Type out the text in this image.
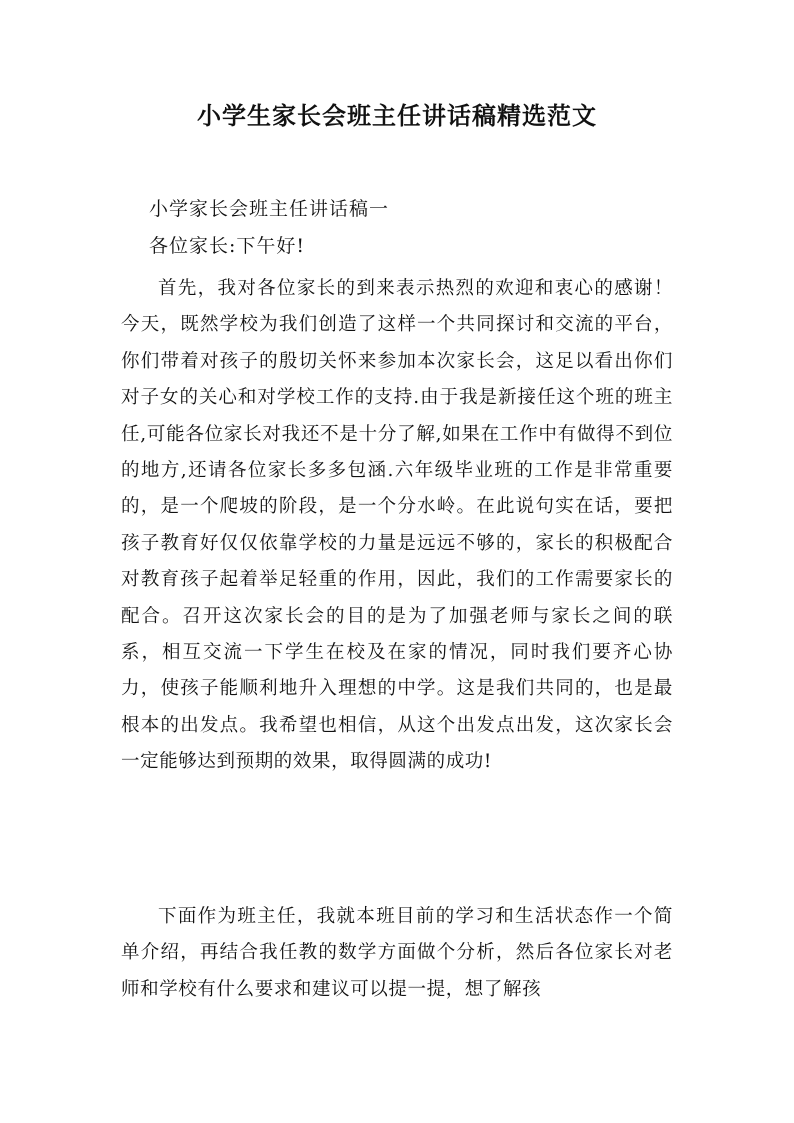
小学生家长会班主任讲话稿精选范文
小学家长会班主任讲话稿一
各位家长:下午好!

首先，我对各位家长的到来表示热烈的欢迎和衷心的感谢！今天，既然学校为我们创造了这样一个共同探讨和交流的平台，你们带着对孩子的殷切关怀来参加本次家长会，这足以看出你们对子女的关心和对学校工作的支持.由于我是新接任这个班的班主任,可能各位家长对我还不是十分了解,如果在工作中有做得不到位的地方,还请各位家长多多包涵.六年级毕业班的工作是非常重要的，是一个爬坡的阶段，是一个分水岭。在此说句实在话，要把孩子教育好仅仅依靠学校的力量是远远不够的，家长的积极配合对教育孩子起着举足轻重的作用，因此，我们的工作需要家长的配合。召开这次家长会的目的是为了加强老师与家长之间的联系，相互交流一下学生在校及在家的情况，同时我们要齐心协力，使孩子能顺利地升入理想的中学。这是我们共同的，也是最根本的出发点。我希望也相信，从这个出发点出发，这次家长会一定能够达到预期的效果，取得圆满的成功!

下面作为班主任，我就本班目前的学习和生活状态作一个简单介绍，再结合我任教的数学方面做个分析，然后各位家长对老师和学校有什么要求和建议可以提一提，想了解孩
